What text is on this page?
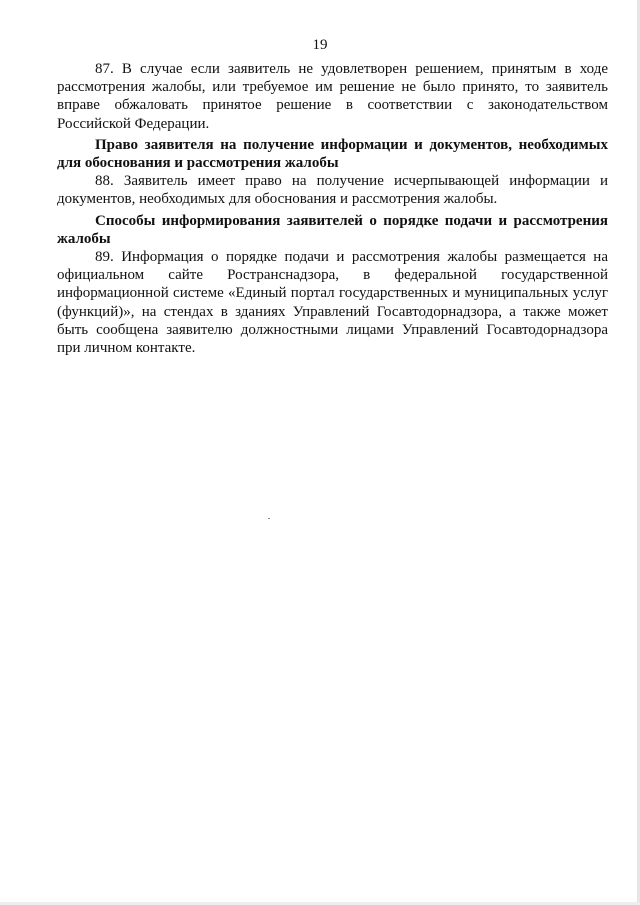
19

87. В случае если заявитель не удовлетворен решением, принятым в ходе рассмотрения жалобы, или требуемое им решение не было принято, то заявитель вправе обжаловать принятое решение в соответствии с законодательством Российской Федерации.

Право заявителя на получение информации и документов, необходимых для обоснования и рассмотрения жалобы

88. Заявитель имеет право на получение исчерпывающей информации и документов, необходимых для обоснования и рассмотрения жалобы.

Способы информирования заявителей о порядке подачи и рассмотрения жалобы

89. Информация о порядке подачи и рассмотрения жалобы размещается на официальном сайте Ространснадзора, в федеральной государственной информационной системе «Единый портал государственных и муниципальных услуг (функций)», на стендах в зданиях Управлений Госавтодорнадзора, а также может быть сообщена заявителю должностными лицами Управлений Госавтодорнадзора при личном контакте.
